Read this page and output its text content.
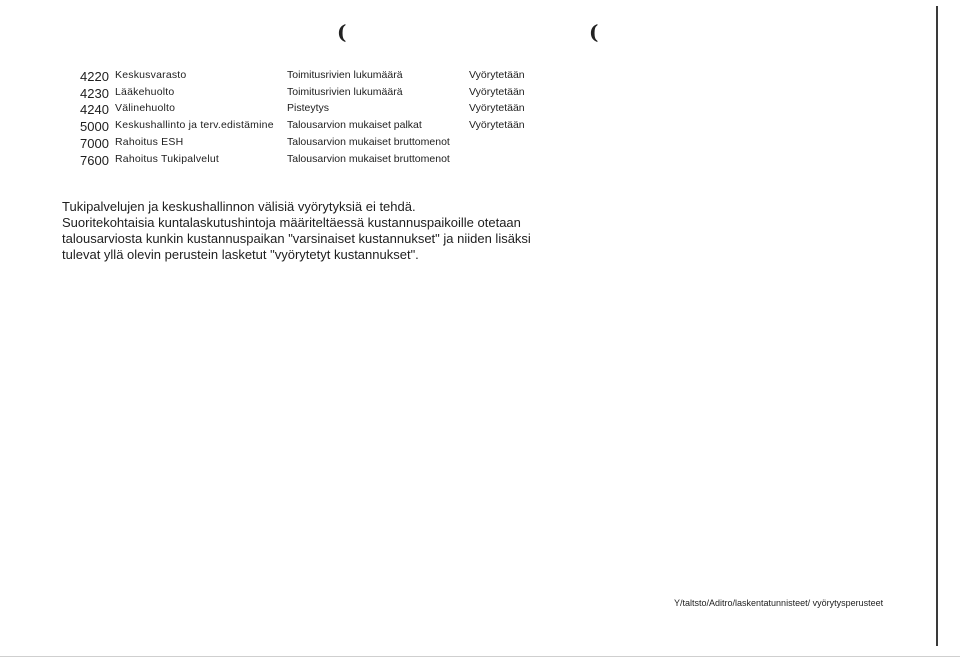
(	(
4220 Keskusvarasto	Toimitusrivien lukumäärä	Vyörytetään
4230 Lääkehuolto	Toimitusrivien lukumäärä	Vyörytetään
4240 Välinehuolto	Pisteytys	Vyörytetään
5000 Keskushallinto ja terv.edistämine	Talousarvion mukaiset palkat	Vyörytetään
7000 Rahoitus ESH	Talousarvion mukaiset bruttomenot
7600 Rahoitus Tukipalvelut	Talousarvion mukaiset bruttomenot
Tukipalvelujen ja keskushallinnon välisiä vyörytyksiä ei tehdä.
Suoritekohtaisia kuntalaskutushintoja määriteltäessä kustannuspaikoille otetaan
talousarviosta kunkin kustannuspaikan "varsinaiset kustannukset" ja niiden lisäksi
tulevat yllä olevin perustein lasketut "vyörytetyt kustannukset".
Y/taltsto/Aditro/laskentatunnisteet/ vyörytysperusteet
